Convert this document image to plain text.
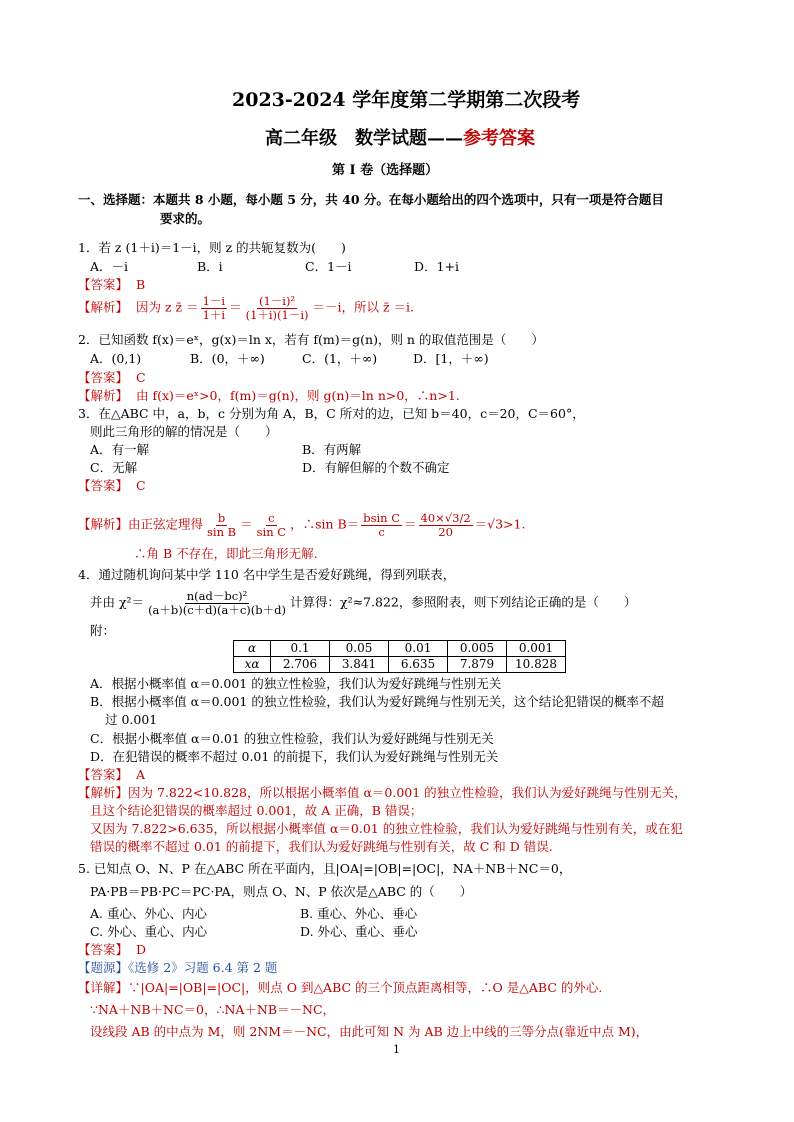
2023-2024 学年度第二学期第二次段考
高二年级　数学试题——参考答案
第 I 卷（选择题）
一、选择题：本题共 8 小题，每小题 5 分，共 40 分。在每小题给出的四个选项中，只有一项是符合题目
要求的。
1．若 z (1＋i)＝1－i，则 z 的共轭复数为(　　)
A．－i	B．i	C．1－i	D．1+i
【答案】 B
【解析】 因为 z z̄ ＝ $\frac{1-i}{1+i} = \frac{\text{(1－i)²}}{(1+i)(1-i)} =-i$，所以 z̄ ＝i.
2．已知函数 f(x)＝eˣ，g(x)＝ln x，若有 f(m)＝g(n)，则 n 的取值范围是（　　）
A．(0,1)	B．(0，＋∞)	C．(1，＋∞)	D．[1，＋∞)
【答案】 C
【解析】 由 f(x)＝eˣ>0，f(m)＝g(n)，则 g(n)＝ln n>0，∴n>1.
3．在△ABC 中，a，b，c 分别为角 A，B，C 所对的边，已知 b＝40，c＝20，C＝60°，
则此三角形的解的情况是（　　）
A．有一解	B．有两解
C．无解	D．有解但解的个数不确定
【答案】 C
【解析】由正弦定理得 $\frac{b}{\text{sin B}} = \frac{c}{\text{sin C}}$ ，∴sin $B= \frac{\text{bsin C}}{c} = \frac{40\times√3/2}{20} =√3>1$.
∴角 B 不存在，即此三角形无解.
4．通过随机询问某中学 110 名中学生是否爱好跳绳，得到列联表，
并由 $\chi^2= \frac{\text{n(ad－bc)²}}{(a+b)(c+d)(a+c)(b+d)}$ 计算得：χ²≈7.822，参照附表，则下列结论正确的是（　　）
附：
α	0.1	0.05	0.01	0.005	0.001
xα	2.706	3.841	6.635	7.879	10.828
A．根据小概率值 α＝0.001 的独立性检验，我们认为爱好跳绳与性别无关
B．根据小概率值 α＝0.001 的独立性检验，我们认为爱好跳绳与性别无关，这个结论犯错误的概率不超
过 0.001
C．根据小概率值 α＝0.01 的独立性检验，我们认为爱好跳绳与性别无关
D．在犯错误的概率不超过 0.01 的前提下，我们认为爱好跳绳与性别无关
【答案】 A
【解析】因为 7.822<10.828，所以根据小概率值 α＝0.001 的独立性检验，我们认为爱好跳绳与性别无关，
且这个结论犯错误的概率超过 0.001，故 A 正确，B 错误；
又因为 7.822>6.635，所以根据小概率值 α＝0.01 的独立性检验，我们认为爱好跳绳与性别有关，或在犯
错误的概率不超过 0.01 的前提下，我们认为爱好跳绳与性别有关，故 C 和 D 错误.
5. 已知点 O、N、P 在△ABC 所在平面内，且|OA|=|OB|=|OC|，NA＋NB＋NC＝0，
PA·PB＝PB·PC＝PC·PA，则点 O、N、P 依次是△ABC 的（　　）
A. 重心、外心、内心	B. 重心、外心、垂心
C. 外心、重心、内心	D. 外心、重心、垂心
【答案】 D
【题源】《选修 2》习题 6.4 第 2 题
【详解】∵|OA|=|OB|=|OC|，则点 O 到△ABC 的三个顶点距离相等，∴O 是△ABC 的外心.
∵NA＋NB＋NC＝0，∴NA＋NB＝－NC，
设线段 AB 的中点为 M，则 2NM＝－NC，由此可知 N 为 AB 边上中线的三等分点(靠近中点 M)，
1
